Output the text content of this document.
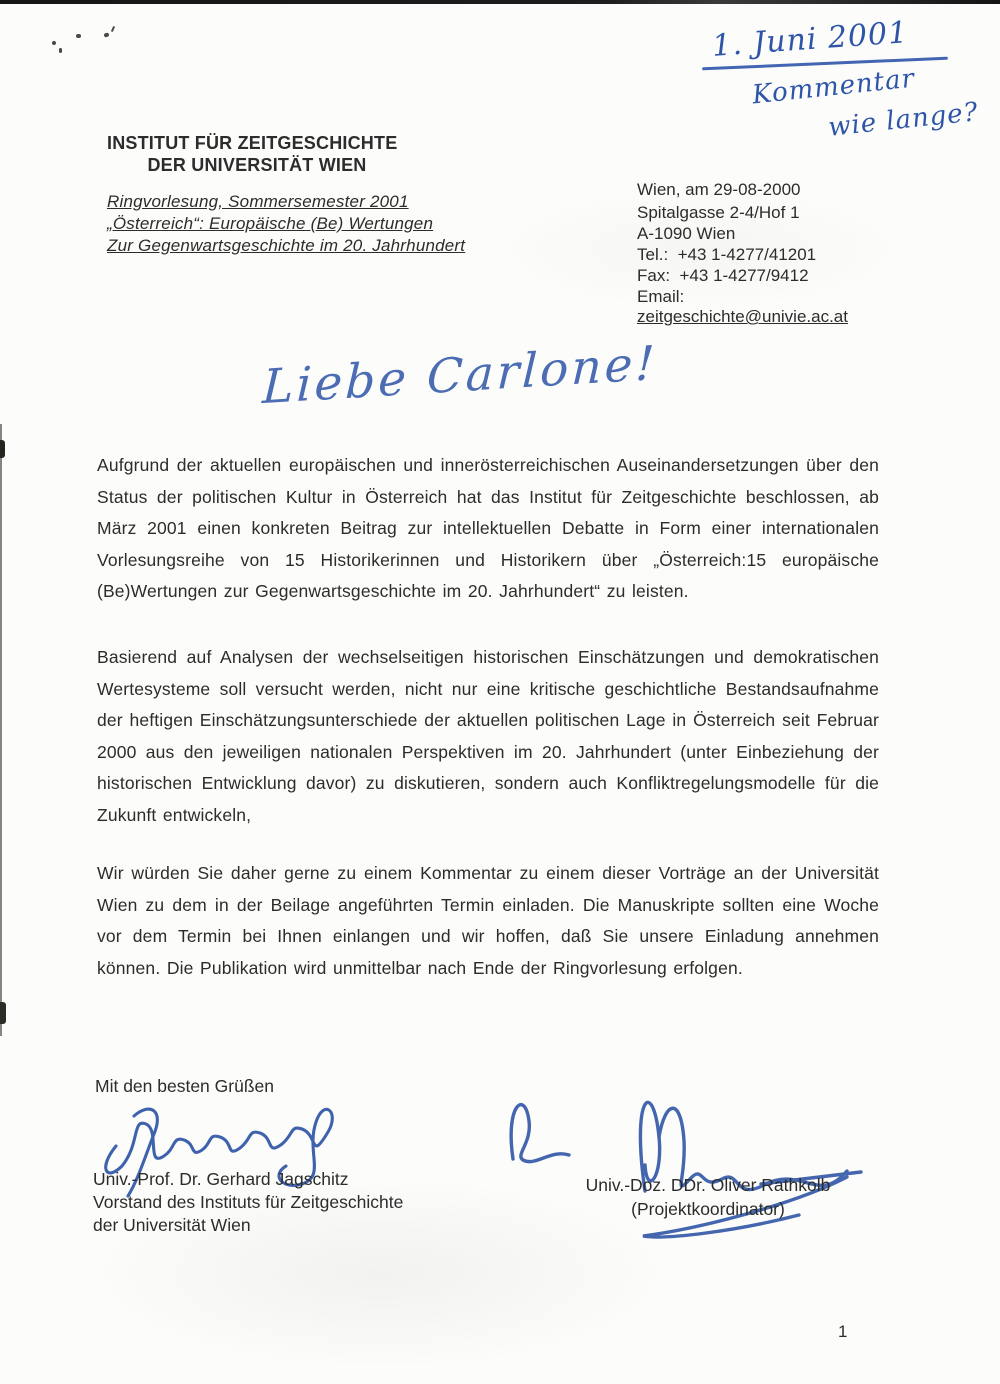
1. Juni 2001
Kommentar
wie lange?
INSTITUT FÜR ZEITGESCHICHTE
DER UNIVERSITÄT WIEN
Ringvorlesung, Sommersemester 2001
„Österreich“: Europäische (Be) Wertungen
Zur Gegenwartsgeschichte im 20. Jahrhundert
Wien, am 29-08-2000
Spitalgasse 2-4/Hof 1
A-1090 Wien
Tel.:  +43 1-4277/41201
Fax:  +43 1-4277/9412
Email:
zeitgeschichte@univie.ac.at
Liebe Carlone!
Aufgrund der aktuellen europäischen und innerösterreichischen Auseinandersetzungen über den Status der politischen Kultur in Österreich hat das Institut für Zeitgeschichte beschlossen, ab März 2001 einen konkreten Beitrag zur intellektuellen Debatte in Form einer internationalen Vorlesungsreihe von 15 Historikerinnen und Historikern über „Österreich:15 europäische (Be)Wertungen zur Gegenwartsgeschichte im 20. Jahrhundert“ zu leisten.
Basierend auf Analysen der wechselseitigen historischen Einschätzungen und demokratischen Wertesysteme soll versucht werden, nicht nur eine kritische geschichtliche Bestandsaufnahme der heftigen Einschätzungsunterschiede der aktuellen politischen Lage in Österreich seit Februar 2000 aus den jeweiligen nationalen Perspektiven im 20. Jahrhundert (unter Einbeziehung der historischen Entwicklung davor) zu diskutieren, sondern auch Konfliktregelungsmodelle für die Zukunft entwickeln,
Wir würden Sie daher gerne zu einem Kommentar zu einem dieser Vorträge an der Universität Wien zu dem in der Beilage angeführten Termin einladen. Die Manuskripte sollten eine Woche vor dem Termin bei Ihnen einlangen und wir hoffen, daß Sie unsere Einladung annehmen können. Die Publikation wird unmittelbar nach Ende der Ringvorlesung erfolgen.
Mit den besten Grüßen
Univ.-Prof. Dr. Gerhard Jagschitz
Vorstand des Instituts für Zeitgeschichte
der Universität Wien
Univ.-Doz. DDr. Oliver Rathkolb
(Projektkoordinator)
1
